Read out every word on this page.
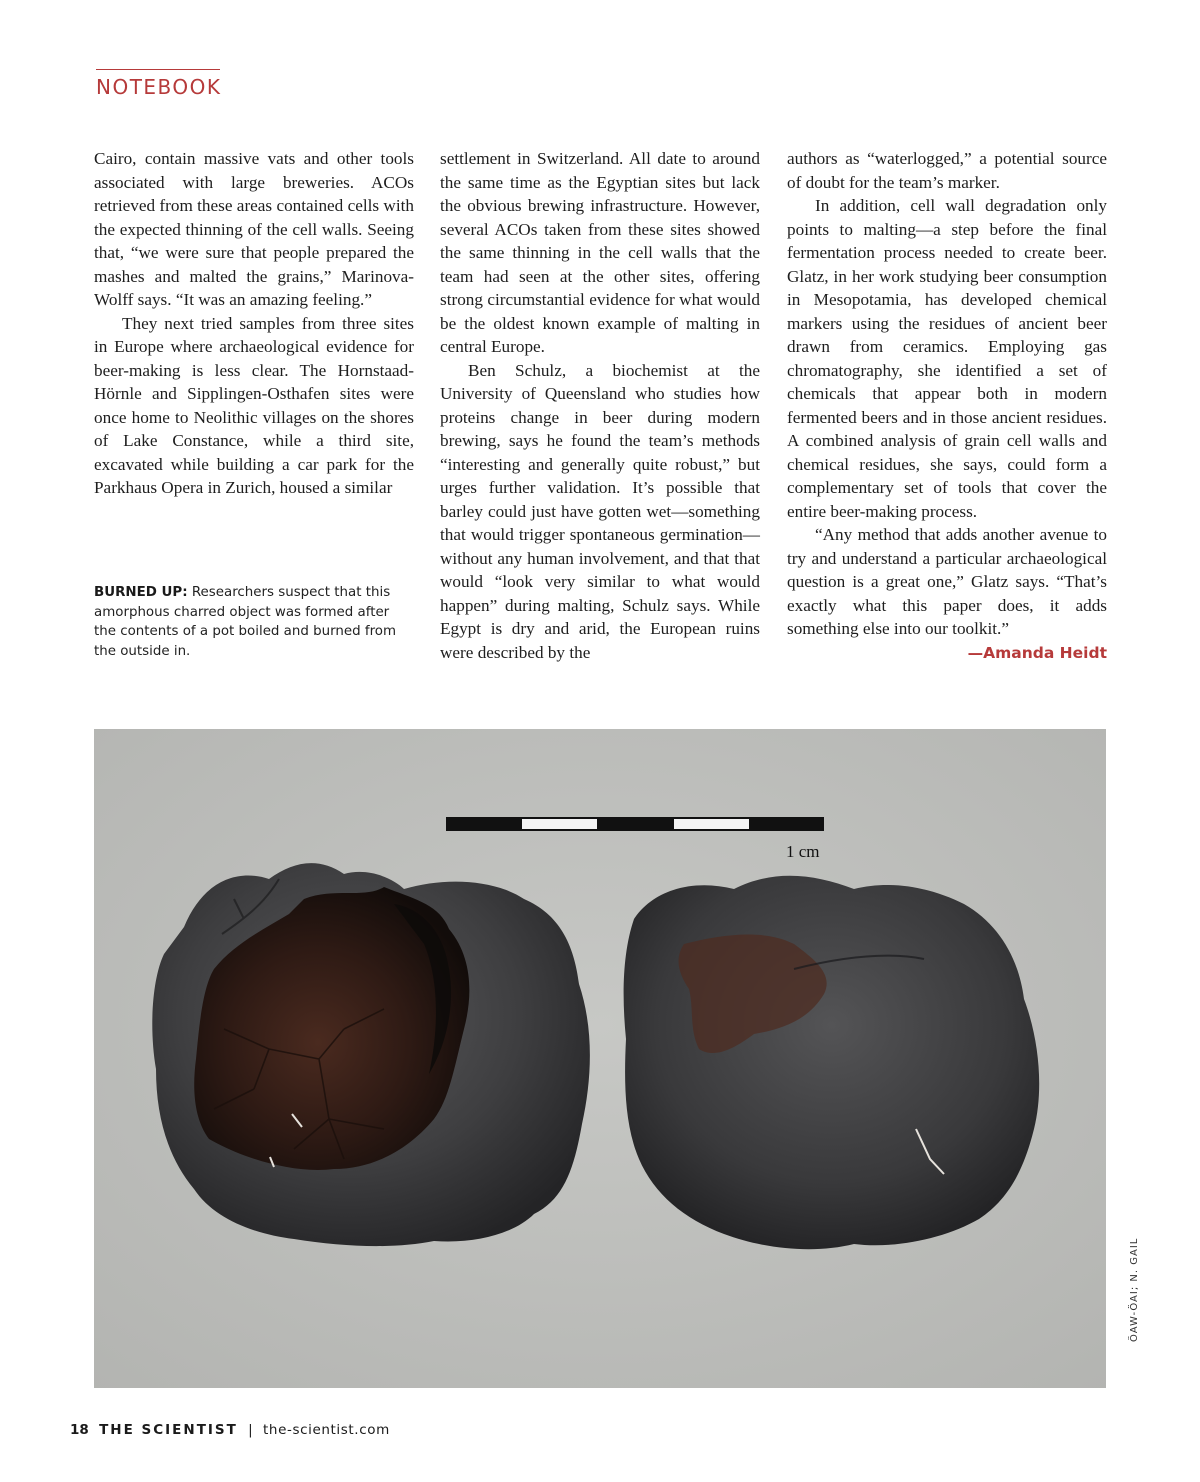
NOTEBOOK

Cairo, contain massive vats and other tools associated with large breweries. ACOs retrieved from these areas contained cells with the expected thinning of the cell walls. Seeing that, “we were sure that people prepared the mashes and malted the grains,” Marinova-Wolff says. “It was an amazing feeling.”

They next tried samples from three sites in Europe where archaeological evidence for beer-making is less clear. The Hornstaad-Hörnle and Sipplingen-Osthafen sites were once home to Neolithic villages on the shores of Lake Constance, while a third site, excavated while building a car park for the Parkhaus Opera in Zurich, housed a similar

settlement in Switzerland. All date to around the same time as the Egyptian sites but lack the obvious brewing infrastructure. However, several ACOs taken from these sites showed the same thinning in the cell walls that the team had seen at the other sites, offering strong circumstantial evidence for what would be the oldest known example of malting in central Europe.

Ben Schulz, a biochemist at the University of Queensland who studies how proteins change in beer during modern brewing, says he found the team’s methods “interesting and generally quite robust,” but urges further validation. It’s possible that barley could just have gotten wet—something that would trigger spontaneous germination—without any human involvement, and that that would “look very similar to what would happen” during malting, Schulz says. While Egypt is dry and arid, the European ruins were described by the

authors as “waterlogged,” a potential source of doubt for the team’s marker.

In addition, cell wall degradation only points to malting—a step before the final fermentation process needed to create beer. Glatz, in her work studying beer consumption in Mesopotamia, has developed chemical markers using the residues of ancient beer drawn from ceramics. Employing gas chromatography, she identified a set of chemicals that appear both in modern fermented beers and in those ancient residues. A combined analysis of grain cell walls and chemical residues, she says, could form a complementary set of tools that cover the entire beer-making process.

“Any method that adds another avenue to try and understand a particular archaeological question is a great one,” Glatz says. “That’s exactly what this paper does, it adds something else into our toolkit.”

—Amanda Heidt
BURNED UP: Researchers suspect that this amorphous charred object was formed after the contents of a pot boiled and burned from the outside in.
1 cm
ÖAW-ÖAI; N. GAIL
18 THE SCIENTIST | the-scientist.com
